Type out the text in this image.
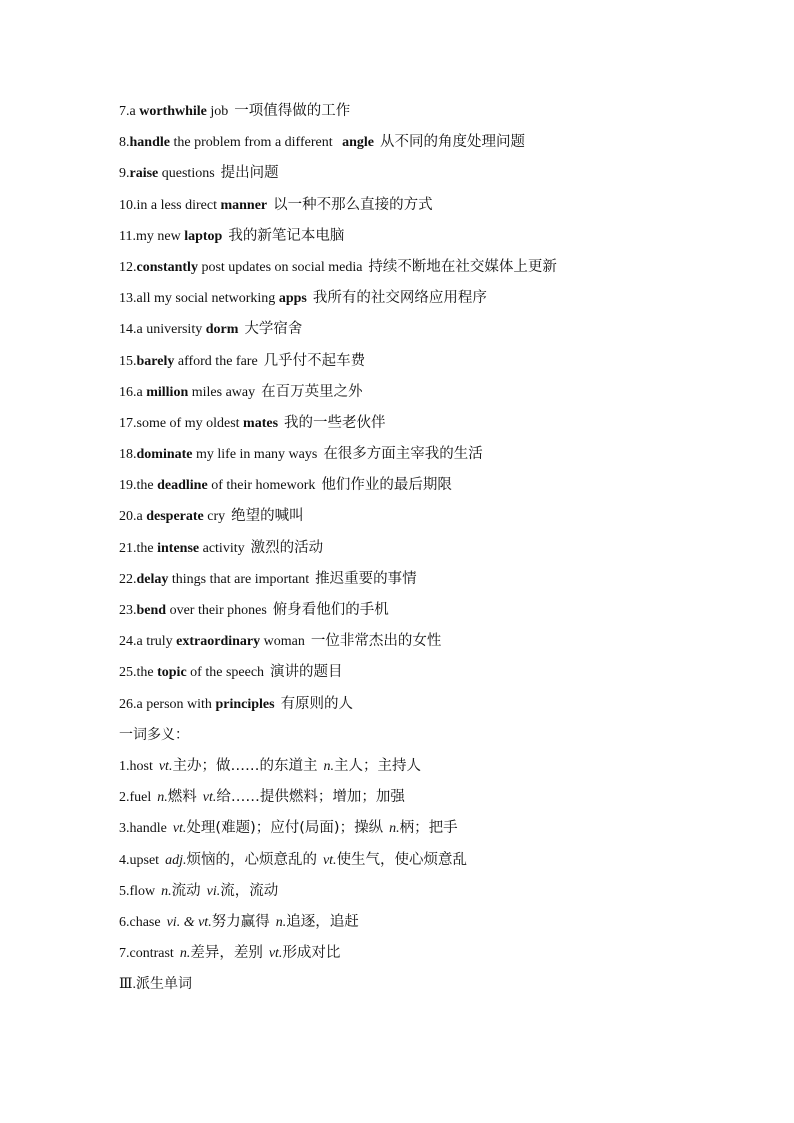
7.a worthwhile job 一项值得做的工作
8.handle the problem from a different angle 从不同的角度处理问题
9.raise questions 提出问题
10.in a less direct manner 以一种不那么直接的方式
11.my new laptop 我的新笔记本电脑
12.constantly post updates on social media 持续不断地在社交媒体上更新
13.all my social networking apps 我所有的社交网络应用程序
14.a university dorm 大学宿舍
15.barely afford the fare 几乎付不起车费
16.a million miles away 在百万英里之外
17.some of my oldest mates 我的一些老伙伴
18.dominate my life in many ways 在很多方面主宰我的生活
19.the deadline of their homework 他们作业的最后期限
20.a desperate cry 绝望的喊叫
21.the intense activity 激烈的活动
22.delay things that are important 推迟重要的事情
23.bend over their phones 俯身看他们的手机
24.a truly extraordinary woman 一位非常杰出的女性
25.the topic of the speech 演讲的题目
26.a person with principles 有原则的人
一词多义：
1.host vt.主办；做……的东道主 n.主人；主持人
2.fuel n.燃料 vt.给……提供燃料；增加；加强
3.handle vt.处理(难题)；应付(局面)；操纵 n.柄；把手
4.upset adj.烦恼的，心烦意乱的 vt.使生气，使心烦意乱
5.flow n.流动 vi.流，流动
6.chase vi. & vt.努力赢得 n.追逐，追赶
7.contrast n.差异，差别 vt.形成对比
Ⅲ.派生单词
